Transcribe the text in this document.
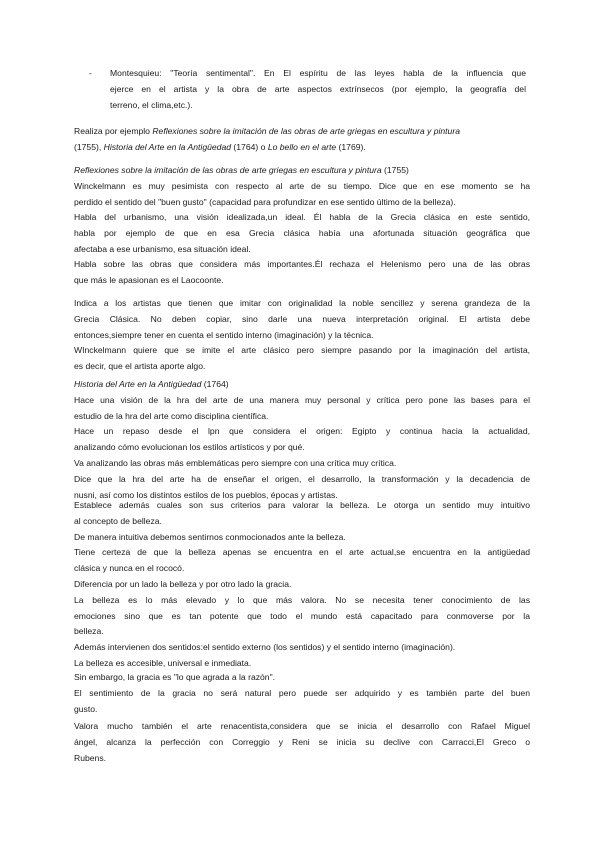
- Montesquieu: "Teoría sentimental". En El espíritu de las leyes habla de la influencia que
ejerce en el artista y la obra de arte aspectos extrínsecos (por ejemplo, la geografía del
terreno, el clima,etc.).
Realiza por ejemplo Reflexiones sobre la imitación de las obras de arte griegas en escultura y pintura
(1755), Historia del Arte en la Antigüedad (1764) o Lo bello en el arte (1769).
Reflexiones sobre la imitación de las obras de arte griegas en escultura y pintura (1755)
Winckelmann es muy pesimista con respecto al arte de su tiempo. Dice que en ese momento se ha
perdido el sentido del "buen gusto" (capacidad para profundizar en ese sentido último de la belleza).
Habla del urbanismo, una visión idealizada,un ideal. Él habla de la Grecia clásica en este sentido,
habla por ejemplo de que en esa Grecia clásica había una afortunada situación geográfica que
afectaba a ese urbanismo, esa situación ideal.
Habla sobre las obras que considera más importantes.Él rechaza el Helenismo pero una de las obras
que más le apasionan es el Laocoonte.
Indica a los artistas que tienen que imitar con originalidad la noble sencillez y serena grandeza de la
Grecia Clásica. No deben copiar, sino darle una nueva interpretación original. El artista debe
entonces,siempre tener en cuenta el sentido interno (imaginación) y la técnica.
WInckelmann quiere que se imite el arte clásico pero siempre pasando por la imaginación del artista,
es decir, que el artista aporte algo.
Historia del Arte en la Antigüedad (1764)
Hace una visión de la hra del arte de una manera muy personal y crítica pero pone las bases para el
estudio de la hra del arte como disciplina científica.
Hace un repaso desde el lpn que considera el origen: Egipto y continua hacia la actualidad,
analizando cómo evolucionan los estilos artísticos y por qué.
Va analizando las obras más emblemáticas pero siempre con una crítica muy crítica.
Dice que la hra del arte ha de enseñar el origen, el desarrollo, la transformación y la decadencia de
nusni, así como los distintos estilos de los pueblos, épocas y artistas.
Establece además cuales son sus criterios para valorar la belleza. Le otorga un sentido muy intuitivo
al concepto de belleza.
De manera intuitiva debemos sentirnos conmocionados ante la belleza.
Tiene certeza de que la belleza apenas se encuentra en el arte actual,se encuentra en la antigüedad
clásica y nunca en el rococó.
Diferencia por un lado la belleza y por otro lado la gracia.
La belleza es lo más elevado y lo que más valora. No se necesita tener conocimiento de las
emociones sino que es tan potente que todo el mundo está capacitado para conmoverse por la
belleza.
Además intervienen dos sentidos:el sentido externo (los sentidos) y el sentido interno (imaginación).
La belleza es accesible, universal e inmediata.
Sin embargo, la gracia es "lo que agrada a la razón".
El sentimiento de la gracia no será natural pero puede ser adquirido y es también parte del buen
gusto.
Valora mucho también el arte renacentista,considera que se inicia el desarrollo con Rafael Miguel
ángel, alcanza la perfección con Correggio y Reni se inicia su declive con Carracci,El Greco o
Rubens.
